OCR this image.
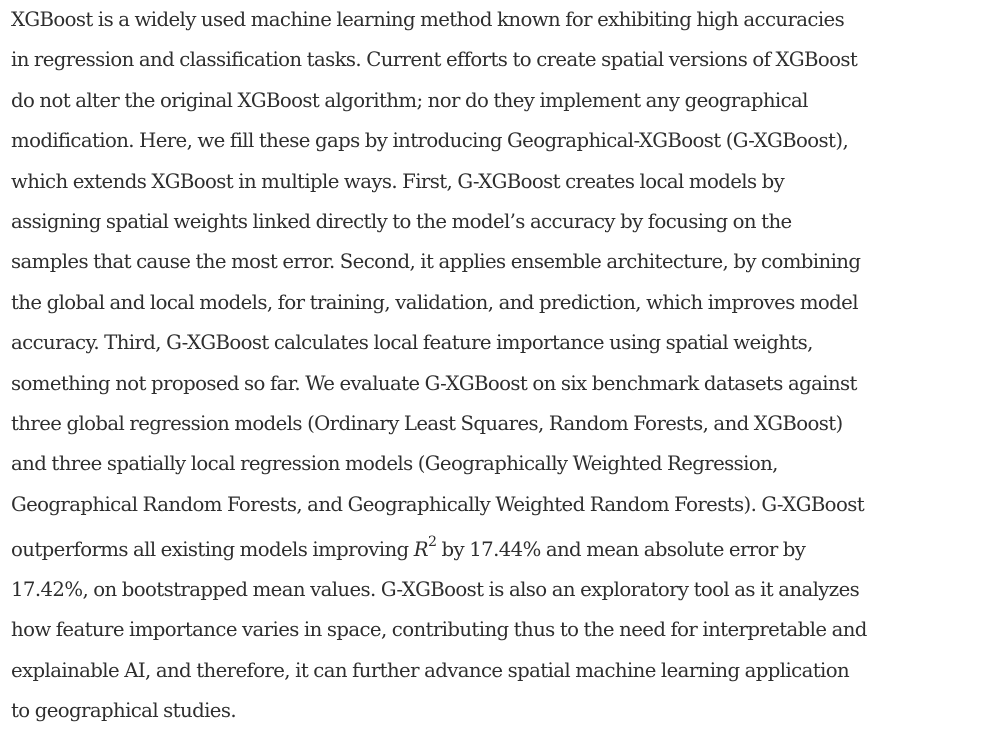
XGBoost is a widely used machine learning method known for exhibiting high accuracies
in regression and classification tasks. Current efforts to create spatial versions of XGBoost
do not alter the original XGBoost algorithm; nor do they implement any geographical
modification. Here, we fill these gaps by introducing Geographical-XGBoost (G-XGBoost),
which extends XGBoost in multiple ways. First, G-XGBoost creates local models by
assigning spatial weights linked directly to the model’s accuracy by focusing on the
samples that cause the most error. Second, it applies ensemble architecture, by combining
the global and local models, for training, validation, and prediction, which improves model
accuracy. Third, G-XGBoost calculates local feature importance using spatial weights,
something not proposed so far. We evaluate G-XGBoost on six benchmark datasets against
three global regression models (Ordinary Least Squares, Random Forests, and XGBoost)
and three spatially local regression models (Geographically Weighted Regression,
Geographical Random Forests, and Geographically Weighted Random Forests). G-XGBoost
outperforms all existing models improving $R^2$ by 17.44% and mean absolute error by
17.42%, on bootstrapped mean values. G-XGBoost is also an exploratory tool as it analyzes
how feature importance varies in space, contributing thus to the need for interpretable and
explainable AI, and therefore, it can further advance spatial machine learning application
to geographical studies.
